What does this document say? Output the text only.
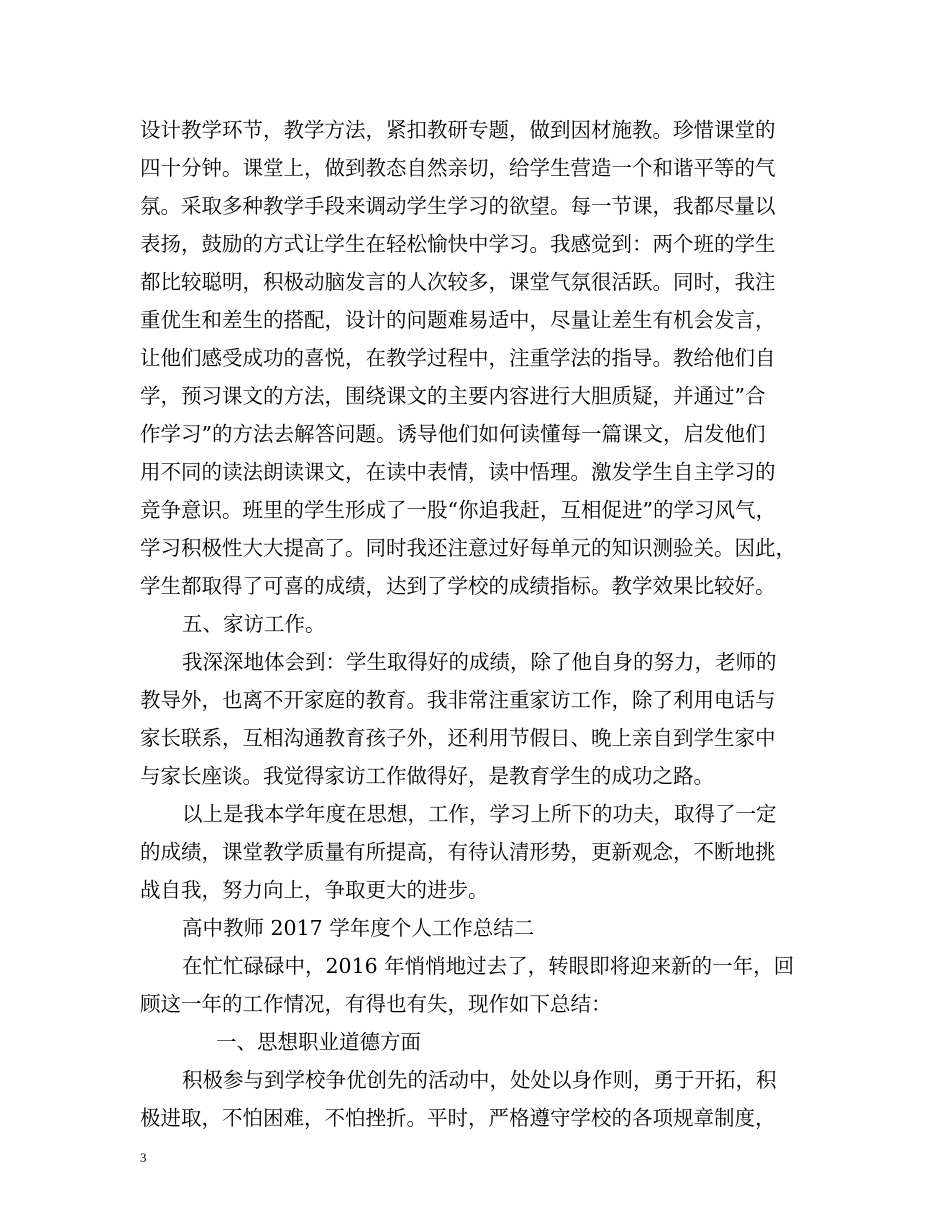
设计教学环节，教学方法，紧扣教研专题，做到因材施教。珍惜课堂的
四十分钟。课堂上，做到教态自然亲切，给学生营造一个和谐平等的气
氛。采取多种教学手段来调动学生学习的欲望。每一节课，我都尽量以
表扬，鼓励的方式让学生在轻松愉快中学习。我感觉到：两个班的学生
都比较聪明，积极动脑发言的人次较多，课堂气氛很活跃。同时，我注
重优生和差生的搭配，设计的问题难易适中，尽量让差生有机会发言，
让他们感受成功的喜悦，在教学过程中，注重学法的指导。教给他们自
学，预习课文的方法，围绕课文的主要内容进行大胆质疑，并通过”合
作学习”的方法去解答问题。诱导他们如何读懂每一篇课文，启发他们
用不同的读法朗读课文，在读中表情，读中悟理。激发学生自主学习的
竞争意识。班里的学生形成了一股“你追我赶，互相促进”的学习风气，
学习积极性大大提高了。同时我还注意过好每单元的知识测验关。因此，
学生都取得了可喜的成绩，达到了学校的成绩指标。教学效果比较好。
五、家访工作。
我深深地体会到：学生取得好的成绩，除了他自身的努力，老师的
教导外，也离不开家庭的教育。我非常注重家访工作，除了利用电话与
家长联系，互相沟通教育孩子外，还利用节假日、晚上亲自到学生家中
与家长座谈。我觉得家访工作做得好，是教育学生的成功之路。
以上是我本学年度在思想，工作，学习上所下的功夫，取得了一定
的成绩，课堂教学质量有所提高，有待认清形势，更新观念，不断地挑
战自我，努力向上，争取更大的进步。
高中教师 2017 学年度个人工作总结二
在忙忙碌碌中，2016 年悄悄地过去了，转眼即将迎来新的一年，回
顾这一年的工作情况，有得也有失，现作如下总结：
一、思想职业道德方面
积极参与到学校争优创先的活动中，处处以身作则，勇于开拓，积
极进取，不怕困难，不怕挫折。平时，严格遵守学校的各项规章制度，
3
